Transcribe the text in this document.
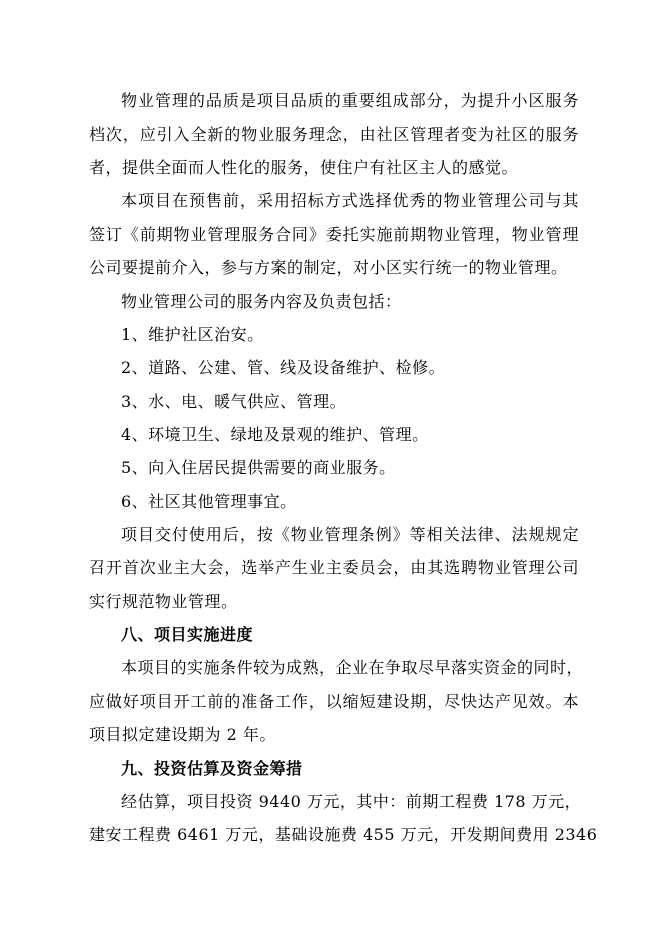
物业管理的品质是项目品质的重要组成部分，为提升小区服务
档次，应引入全新的物业服务理念，由社区管理者变为社区的服务
者，提供全面而人性化的服务，使住户有社区主人的感觉。
本项目在预售前，采用招标方式选择优秀的物业管理公司与其
签订《前期物业管理服务合同》委托实施前期物业管理，物业管理
公司要提前介入，参与方案的制定，对小区实行统一的物业管理。
物业管理公司的服务内容及负责包括：
1、维护社区治安。
2、道路、公建、管、线及设备维护、检修。
3、水、电、暖气供应、管理。
4、环境卫生、绿地及景观的维护、管理。
5、向入住居民提供需要的商业服务。
6、社区其他管理事宜。
项目交付使用后，按《物业管理条例》等相关法律、法规规定
召开首次业主大会，选举产生业主委员会，由其选聘物业管理公司
实行规范物业管理。
八、项目实施进度
本项目的实施条件较为成熟，企业在争取尽早落实资金的同时，
应做好项目开工前的准备工作，以缩短建设期，尽快达产见效。本
项目拟定建设期为 2 年。
九、投资估算及资金筹措
经估算，项目投资 9440 万元，其中：前期工程费 178 万元，
建安工程费 6461 万元，基础设施费 455 万元，开发期间费用 2346
